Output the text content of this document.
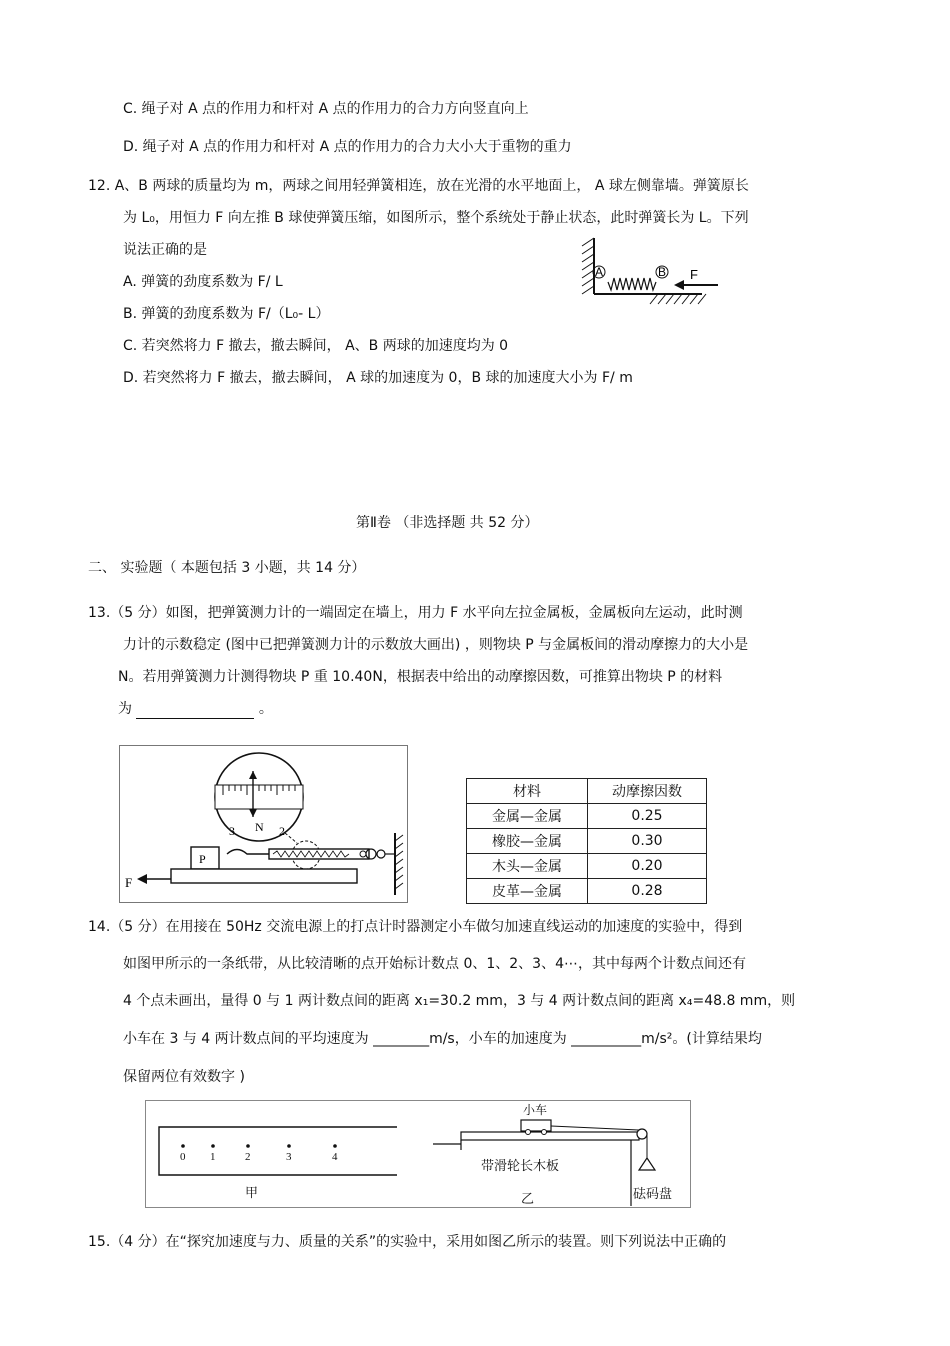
C. 绳子对 A 点的作用力和杆对 A 点的作用力的合力方向竖直向上
D. 绳子对 A 点的作用力和杆对 A 点的作用力的合力大小大于重物的重力
12. A、B 两球的质量均为 m，两球之间用轻弹簧相连，放在光滑的水平地面上， A 球左侧靠墙。弹簧原长
为 L₀，用恒力 F 向左推 B 球使弹簧压缩，如图所示，整个系统处于静止状态，此时弹簧长为 L。下列
说法正确的是
A. 弹簧的劲度系数为 F/ L
B. 弹簧的劲度系数为 F/（L₀- L）
C. 若突然将力 F 撤去，撤去瞬间， A、B 两球的加速度均为 0
D. 若突然将力 F 撤去，撤去瞬间， A 球的加速度为 0，B 球的加速度大小为 F/ m
A	B F
第Ⅱ卷 （非选择题 共 52 分）
二、 实验题（ 本题包括 3 小题，共 14 分）
13.（5 分）如图，把弹簧测力计的一端固定在墙上，用力 F 水平向左拉金属板，金属板向左运动，此时测
力计的示数稳定 (图中已把弹簧测力计的示数放大画出) ，则物块 P 与金属板间的滑动摩擦力的大小是
N。若用弹簧测力计测得物块 P 重 10.40N，根据表中给出的动摩擦因数，可推算出物块 P 的材料
为	。
3 N 2
P
F
材料	动摩擦因数
金属—金属	0.25
橡胶—金属	0.30
木头—金属	0.20
皮革—金属	0.28
14.（5 分）在用接在 50Hz 交流电源上的打点计时器测定小车做匀加速直线运动的加速度的实验中，得到
如图甲所示的一条纸带，从比较清晰的点开始标计数点 0、1、2、3、4⋯，其中每两个计数点间还有
4 个点未画出，量得 0 与 1 两计数点间的距离 x₁=30.2 mm，3 与 4 两计数点间的距离 x₄=48.8 mm，则
小车在 3 与 4 两计数点间的平均速度为 ________m/s，小车的加速度为 __________m/s²。(计算结果均
保留两位有效数字 )
0 1	2	3	4
甲
小车
带滑轮长木板
乙	砝码盘
15.（4 分）在“探究加速度与力、质量的关系”的实验中，采用如图乙所示的装置。则下列说法中正确的
